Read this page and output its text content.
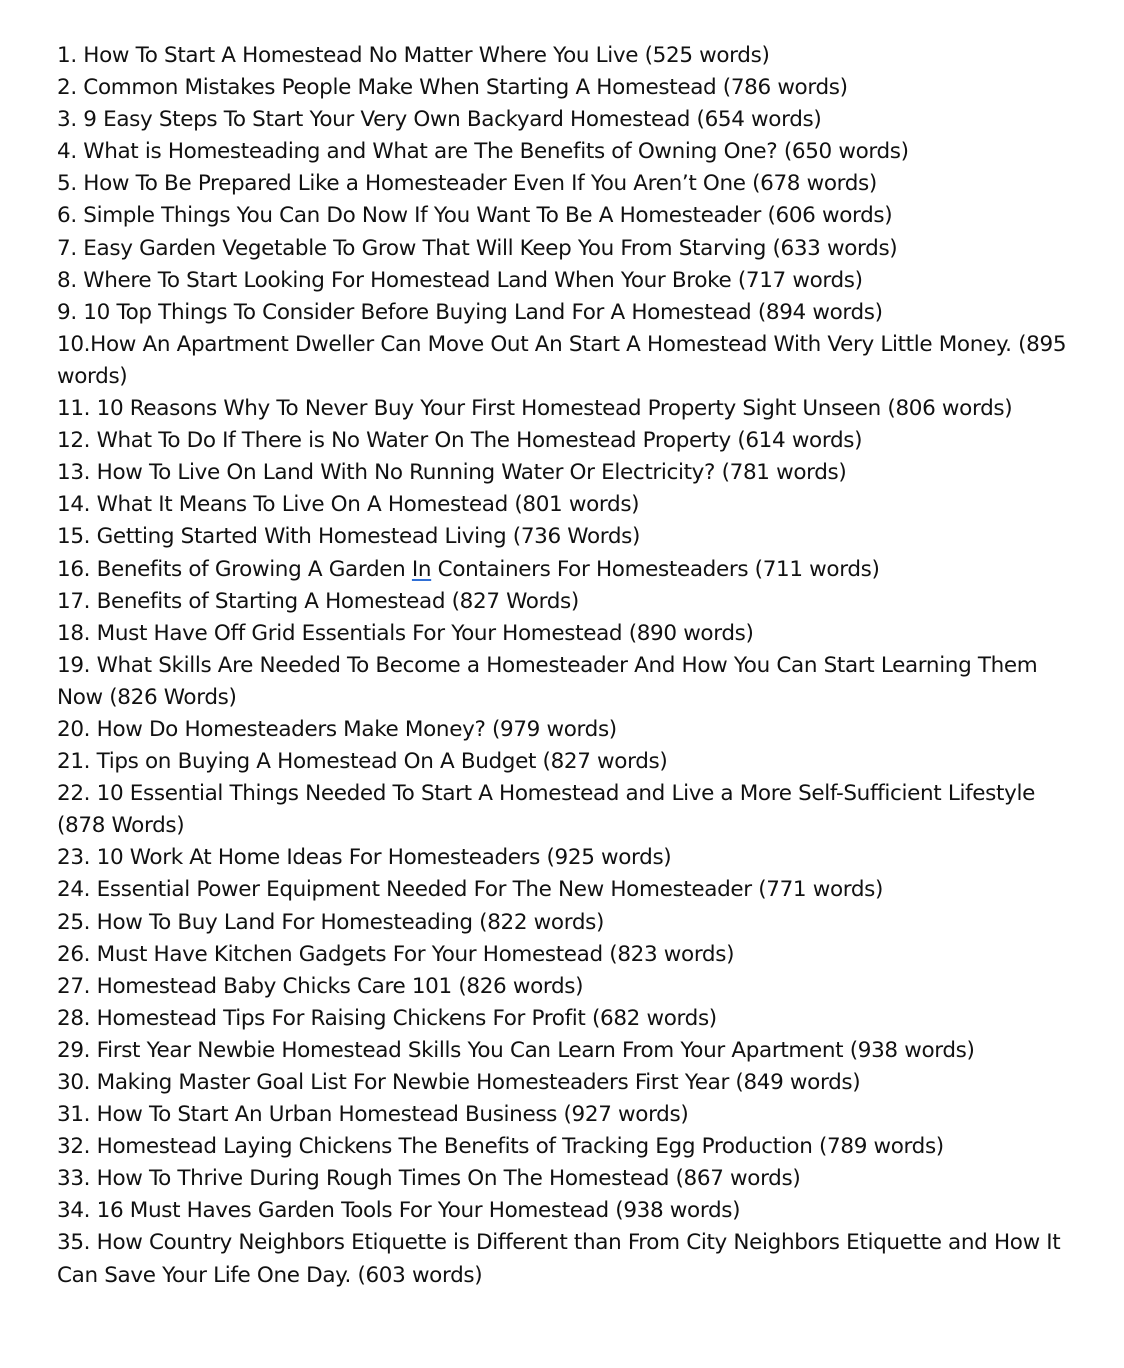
1. How To Start A Homestead No Matter Where You Live (525 words)

2. Common Mistakes People Make When Starting A Homestead (786 words)

3. 9 Easy Steps To Start Your Very Own Backyard Homestead (654 words)

4. What is Homesteading and What are The Benefits of Owning One? (650 words)

5. How To Be Prepared Like a Homesteader Even If You Aren’t One (678 words)

6. Simple Things You Can Do Now If You Want To Be A Homesteader (606 words)

7. Easy Garden Vegetable To Grow That Will Keep You From Starving (633 words)

8. Where To Start Looking For Homestead Land When Your Broke (717 words)

9. 10 Top Things To Consider Before Buying Land For A Homestead (894 words)

10.How An Apartment Dweller Can Move Out An Start A Homestead With Very Little Money. (895 words)

11. 10 Reasons Why To Never Buy Your First Homestead Property Sight Unseen (806 words)

12. What To Do If There is No Water On The Homestead Property (614 words)

13. How To Live On Land With No Running Water Or Electricity? (781 words)

14. What It Means To Live On A Homestead (801 words)

15. Getting Started With Homestead Living (736 Words)

16. Benefits of Growing A Garden In Containers For Homesteaders (711 words)

17. Benefits of Starting A Homestead (827 Words)

18. Must Have Off Grid Essentials For Your Homestead (890 words)

19. What Skills Are Needed To Become a Homesteader And How You Can Start Learning Them Now (826 Words)

20. How Do Homesteaders Make Money? (979 words)

21. Tips on Buying A Homestead On A Budget (827 words)

22. 10 Essential Things Needed To Start A Homestead and Live a More Self-Sufficient Lifestyle (878 Words)

23. 10 Work At Home Ideas For Homesteaders (925 words)

24. Essential Power Equipment Needed For The New Homesteader (771 words)

25. How To Buy Land For Homesteading (822 words)

26. Must Have Kitchen Gadgets For Your Homestead (823 words)

27. Homestead Baby Chicks Care 101 (826 words)

28. Homestead Tips For Raising Chickens For Profit (682 words)

29. First Year Newbie Homestead Skills You Can Learn From Your Apartment (938 words)

30. Making Master Goal List For Newbie Homesteaders First Year (849 words)

31. How To Start An Urban Homestead Business (927 words)

32. Homestead Laying Chickens The Benefits of Tracking Egg Production (789 words)

33. How To Thrive During Rough Times On The Homestead (867 words)

34. 16 Must Haves Garden Tools For Your Homestead (938 words)

35. How Country Neighbors Etiquette is Different than From City Neighbors Etiquette and How It Can Save Your Life One Day. (603 words)
